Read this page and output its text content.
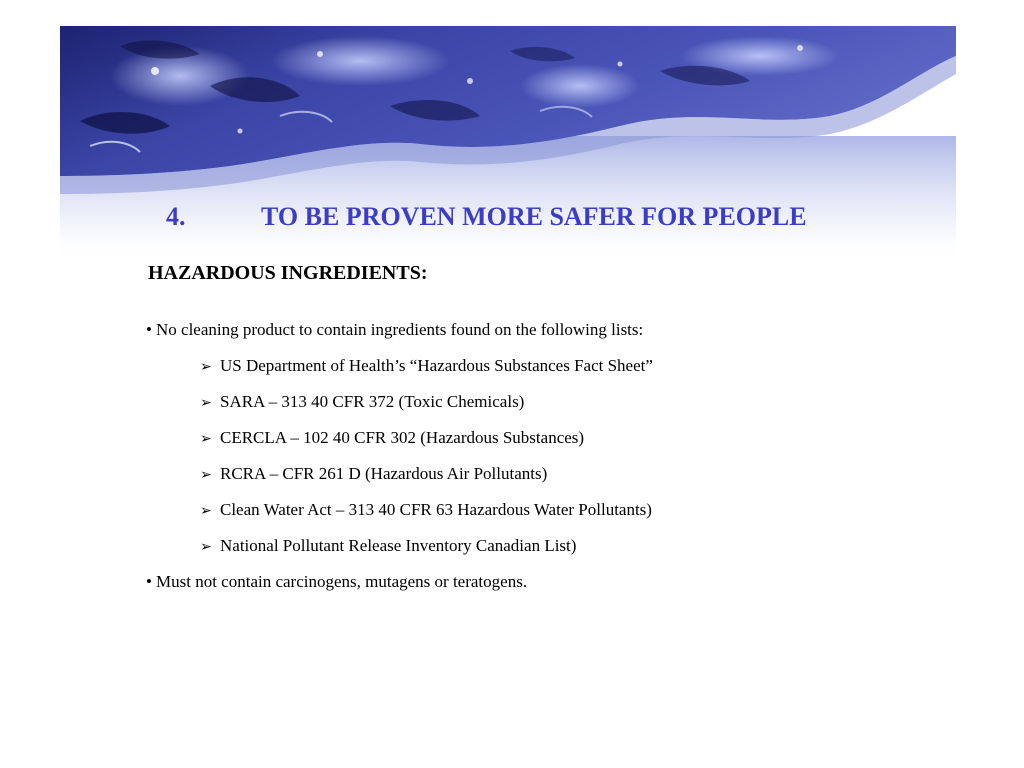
4.	TO BE PROVEN MORE SAFER FOR PEOPLE
HAZARDOUS INGREDIENTS:
• No cleaning product to contain ingredients found on the following lists:
➢ US Department of Health’s “Hazardous Substances Fact Sheet”
➢ SARA – 313 40 CFR 372 (Toxic Chemicals)
➢ CERCLA – 102 40 CFR 302 (Hazardous Substances)
➢ RCRA – CFR 261 D (Hazardous Air Pollutants)
➢ Clean Water Act – 313 40 CFR 63 Hazardous Water Pollutants)
➢ National Pollutant Release Inventory Canadian List)
• Must not contain carcinogens, mutagens or teratogens.
